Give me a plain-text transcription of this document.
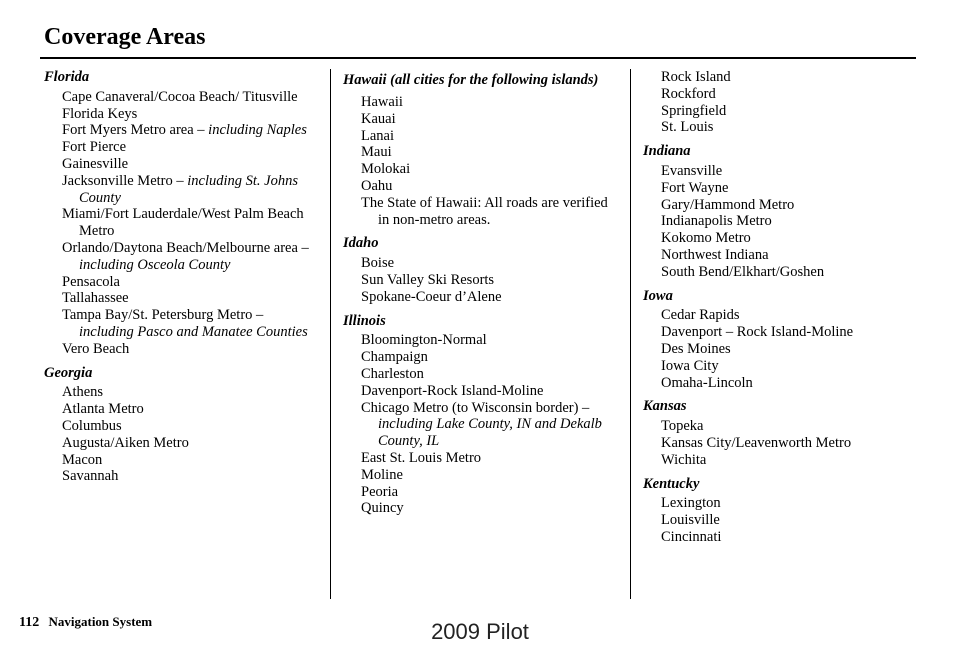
Coverage Areas
Florida
Cape Canaveral/Cocoa Beach/ Titusville
Florida Keys
Fort Myers Metro area – including Naples
Fort Pierce
Gainesville
Jacksonville Metro – including St. Johns County
Miami/Fort Lauderdale/West Palm Beach Metro
Orlando/Daytona Beach/Melbourne area – including Osceola County
Pensacola
Tallahassee
Tampa Bay/St. Petersburg Metro – including Pasco and Manatee Counties
Vero Beach
Georgia
Athens
Atlanta Metro
Columbus
Augusta/Aiken Metro
Macon
Savannah
Hawaii (all cities for the following islands)
Hawaii
Kauai
Lanai
Maui
Molokai
Oahu
The State of Hawaii: All roads are verified in non-metro areas.
Idaho
Boise
Sun Valley Ski Resorts
Spokane-Coeur d’Alene
Illinois
Bloomington-Normal
Champaign
Charleston
Davenport-Rock Island-Moline
Chicago Metro (to Wisconsin border) – including Lake County, IN and Dekalb County, IL
East St. Louis Metro
Moline
Peoria
Quincy
Rock Island
Rockford
Springfield
St. Louis
Indiana
Evansville
Fort Wayne
Gary/Hammond Metro
Indianapolis Metro
Kokomo Metro
Northwest Indiana
South Bend/Elkhart/Goshen
Iowa
Cedar Rapids
Davenport – Rock Island-Moline
Des Moines
Iowa City
Omaha-Lincoln
Kansas
Topeka
Kansas City/Leavenworth Metro
Wichita
Kentucky
Lexington
Louisville
Cincinnati
112 Navigation System	2009 Pilot
